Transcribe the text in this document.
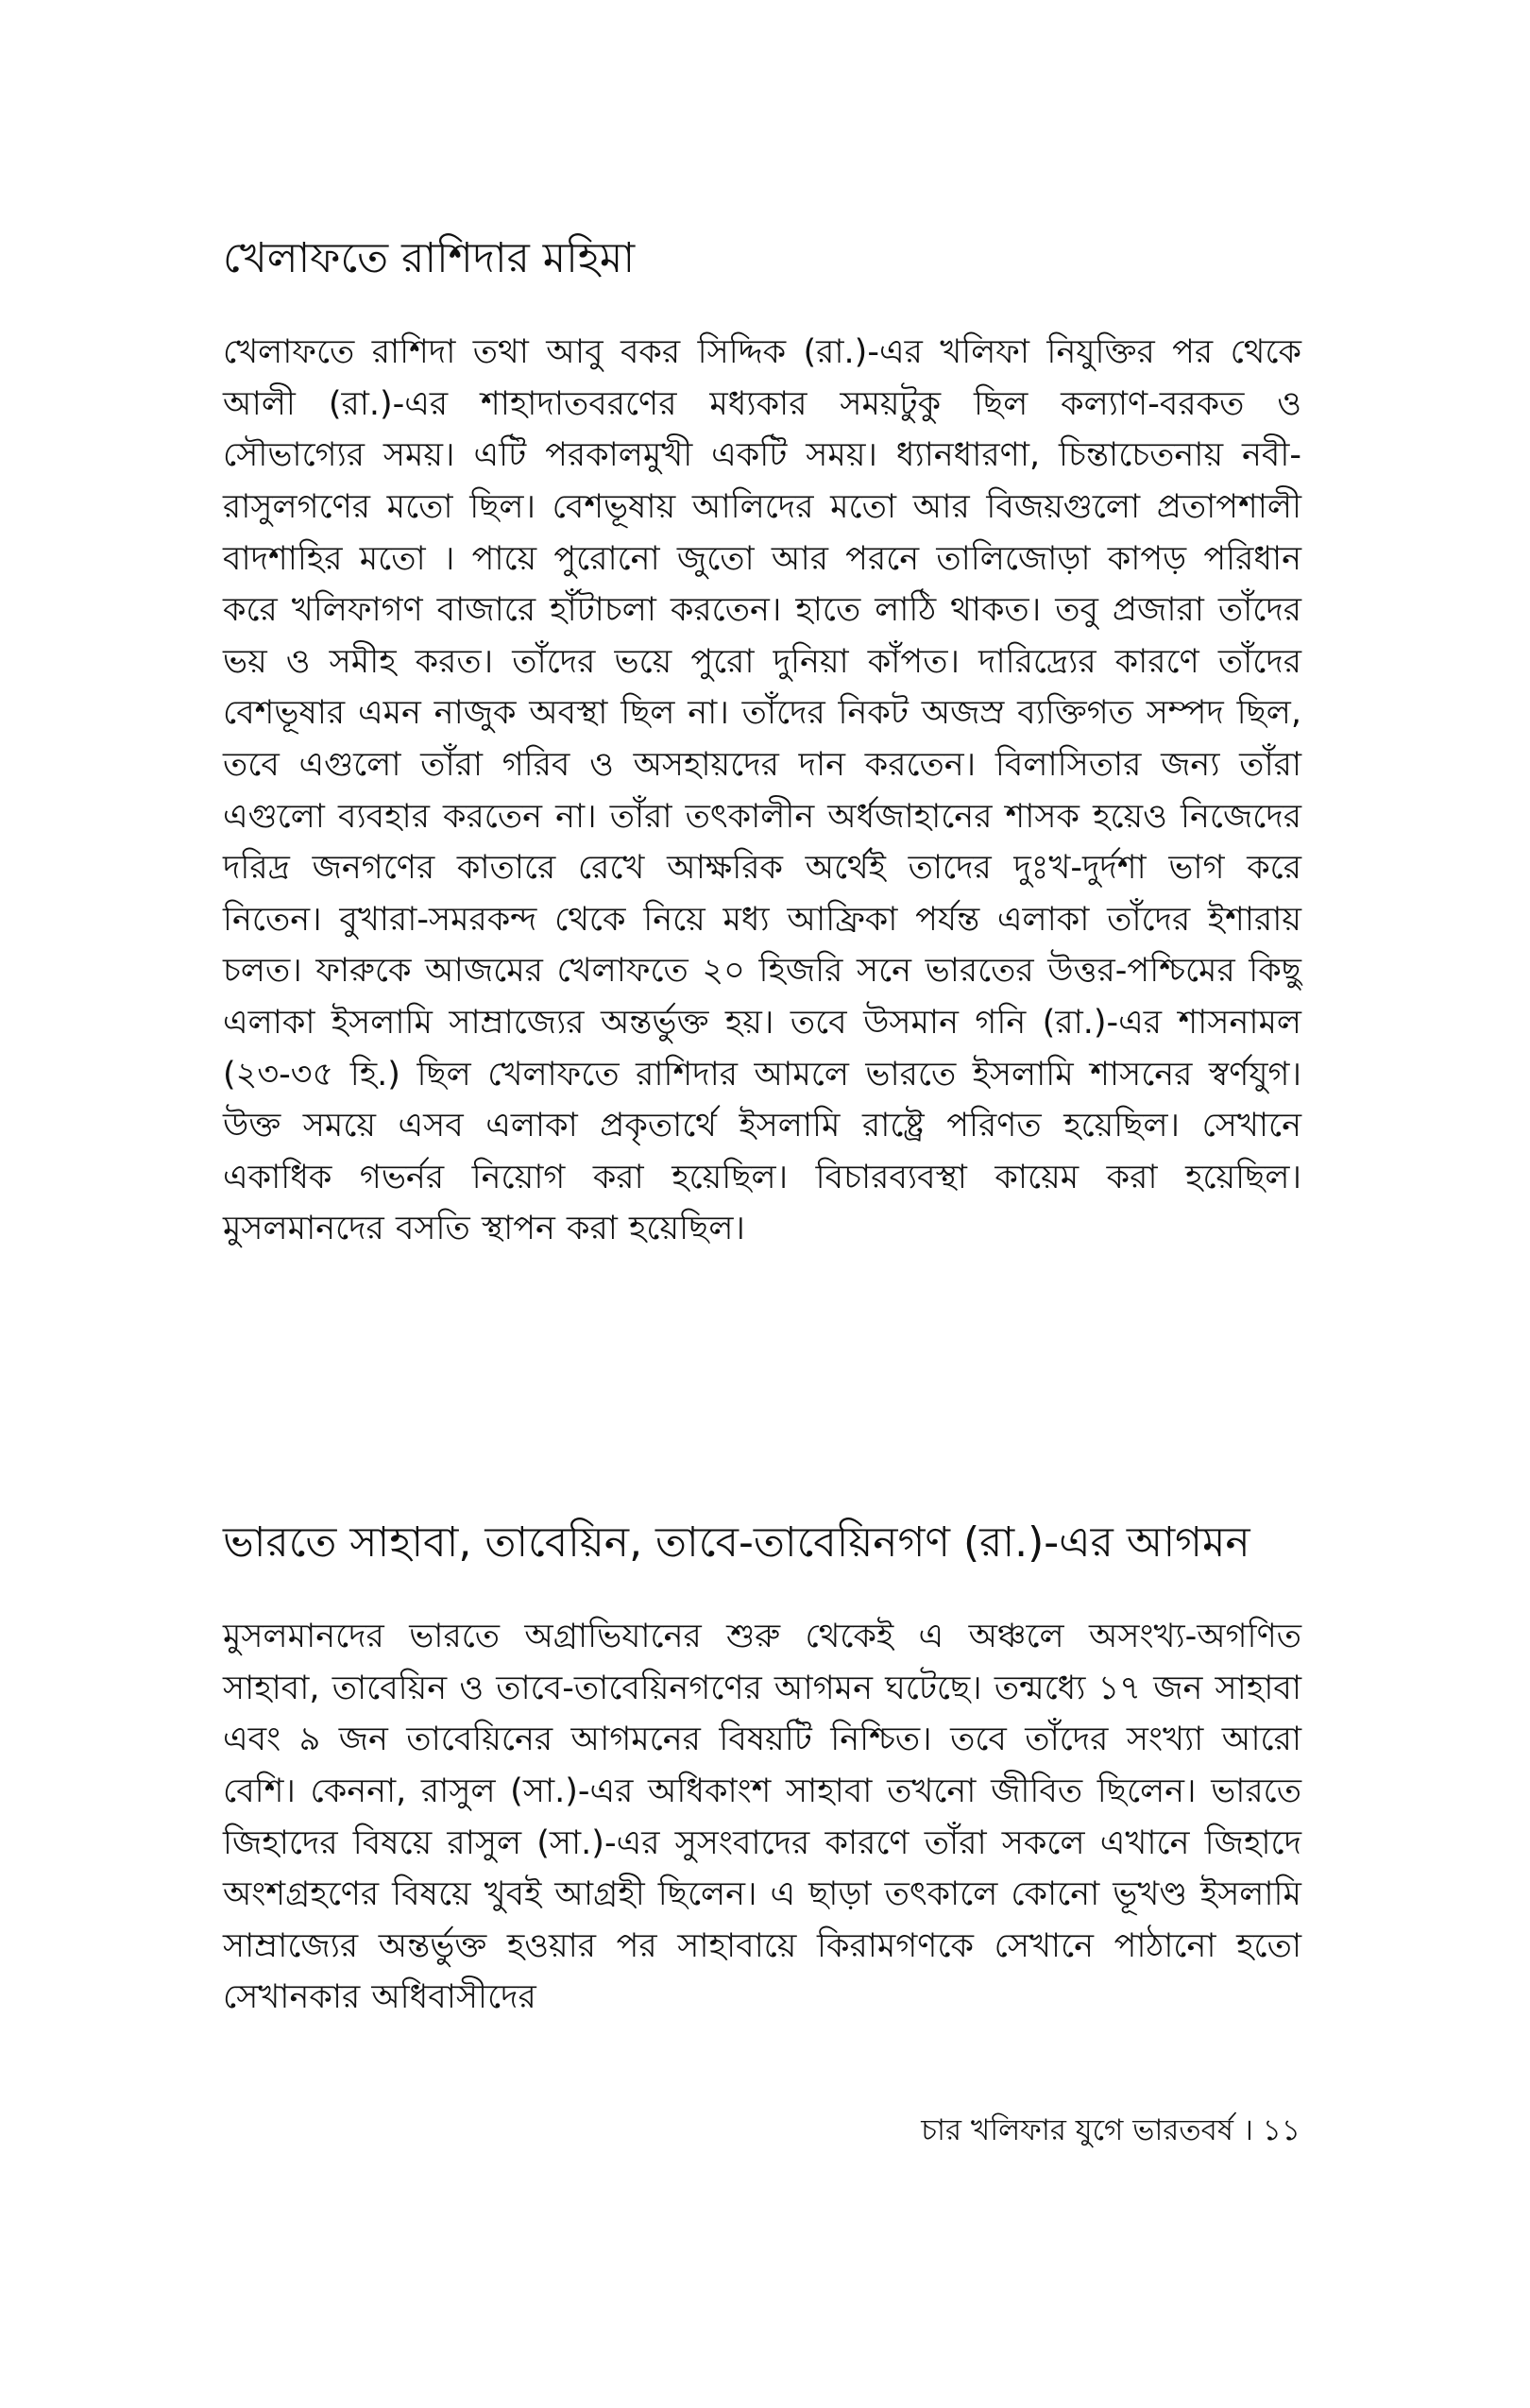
খেলাফতে রাশিদার মহিমা

খেলাফতে রাশিদা তথা আবু বকর সিদ্দিক (রা.)-এর খলিফা নিযুক্তির পর থেকে আলী (রা.)-এর শাহাদাতবরণের মধ্যকার সময়টুকু ছিল কল্যাণ-বরকত ও সৌভাগ্যের সময়। এটি পরকালমুখী একটি সময়। ধ্যানধারণা, চিন্তাচেতনায় নবী-রাসুলগণের মতো ছিল। বেশভূষায় আলিদের মতো আর বিজয়গুলো প্রতাপশালী বাদশাহির মতো । পায়ে পুরোনো জুতো আর পরনে তালিজোড়া কাপড় পরিধান করে খলিফাগণ বাজারে হাঁটাচলা করতেন। হাতে লাঠি থাকত। তবু প্রজারা তাঁদের ভয় ও সমীহ করত। তাঁদের ভয়ে পুরো দুনিয়া কাঁপত। দারিদ্র্যের কারণে তাঁদের বেশভূষার এমন নাজুক অবস্থা ছিল না। তাঁদের নিকট অজস্র ব্যক্তিগত সম্পদ ছিল, তবে এগুলো তাঁরা গরিব ও অসহায়দের দান করতেন। বিলাসিতার জন্য তাঁরা এগুলো ব্যবহার করতেন না। তাঁরা তৎকালীন অর্ধজাহানের শাসক হয়েও নিজেদের দরিদ্র জনগণের কাতারে রেখে আক্ষরিক অর্থেই তাদের দুঃখ-দুর্দশা ভাগ করে নিতেন। বুখারা-সমরকন্দ থেকে নিয়ে মধ্য আফ্রিকা পর্যন্ত এলাকা তাঁদের ইশারায় চলত। ফারুকে আজমের খেলাফতে ২০ হিজরি সনে ভারতের উত্তর-পশ্চিমের কিছু এলাকা ইসলামি সাম্রাজ্যের অন্তর্ভুক্ত হয়। তবে উসমান গনি (রা.)-এর শাসনামল (২৩-৩৫ হি.) ছিল খেলাফতে রাশিদার আমলে ভারতে ইসলামি শাসনের স্বর্ণযুগ। উক্ত সময়ে এসব এলাকা প্রকৃতার্থে ইসলামি রাষ্ট্রে পরিণত হয়েছিল। সেখানে একাধিক গভর্নর নিয়োগ করা হয়েছিল। বিচারব্যবস্থা কায়েম করা হয়েছিল। মুসলমানদের বসতি স্থাপন করা হয়েছিল।

ভারতে সাহাবা, তাবেয়িন, তাবে-তাবেয়িনগণ (রা.)-এর আগমন

মুসলমানদের ভারতে অগ্রাভিযানের শুরু থেকেই এ অঞ্চলে অসংখ্য-অগণিত সাহাবা, তাবেয়িন ও তাবে-তাবেয়িনগণের আগমন ঘটেছে। তন্মধ্যে ১৭ জন সাহাবা এবং ৯ জন তাবেয়িনের আগমনের বিষয়টি নিশ্চিত। তবে তাঁদের সংখ্যা আরো বেশি। কেননা, রাসুল (সা.)-এর অধিকাংশ সাহাবা তখনো জীবিত ছিলেন। ভারতে জিহাদের বিষয়ে রাসুল (সা.)-এর সুসংবাদের কারণে তাঁরা সকলে এখানে জিহাদে অংশগ্রহণের বিষয়ে খুবই আগ্রহী ছিলেন। এ ছাড়া তৎকালে কোনো ভূখণ্ড ইসলামি সাম্রাজ্যের অন্তর্ভুক্ত হওয়ার পর সাহাবায়ে কিরামগণকে সেখানে পাঠানো হতো সেখানকার অধিবাসীদের

চার খলিফার যুগে ভারতবর্ষ । ১১
